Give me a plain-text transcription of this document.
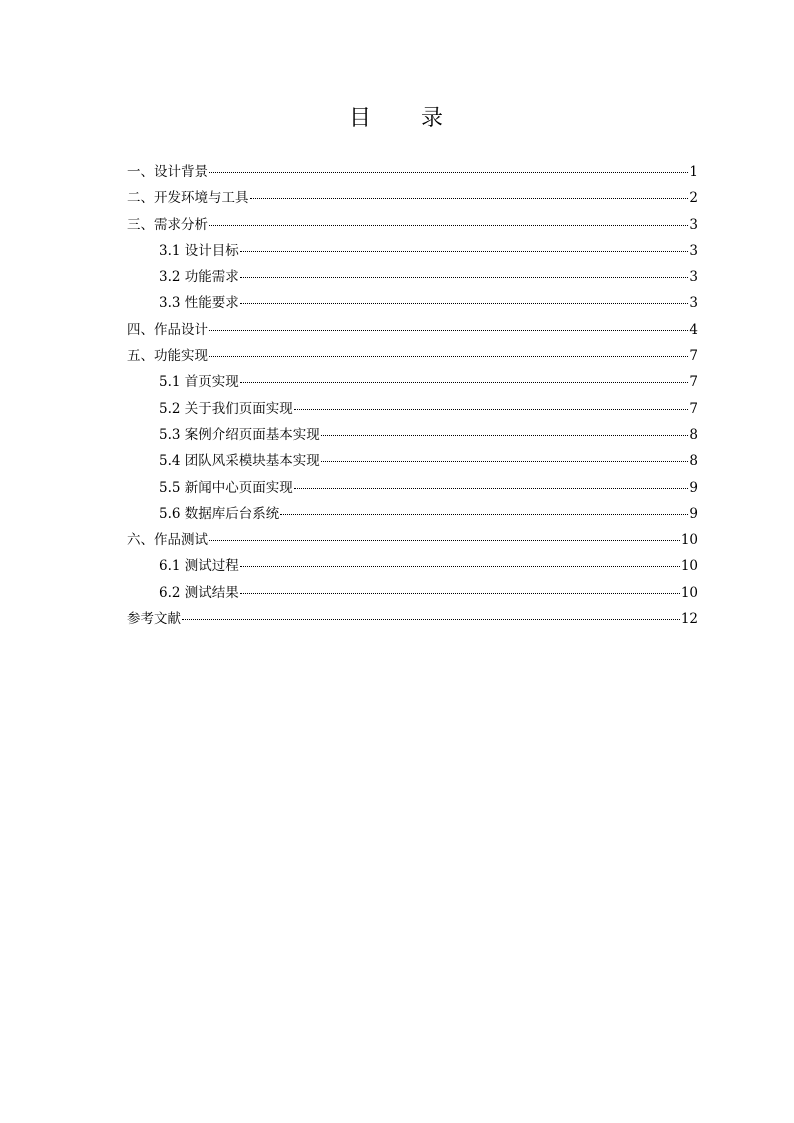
目　　录
一、设计背景	1
二、开发环境与工具	2
三、需求分析	3
3.1 设计目标	3
3.2 功能需求	3
3.3 性能要求	3
四、作品设计	4
五、功能实现	7
5.1 首页实现	7
5.2 关于我们页面实现	7
5.3 案例介绍页面基本实现	8
5.4 团队风采模块基本实现	8
5.5 新闻中心页面实现	9
5.6 数据库后台系统	9
六、作品测试	10
6.1 测试过程	10
6.2 测试结果	10
参考文献	12
